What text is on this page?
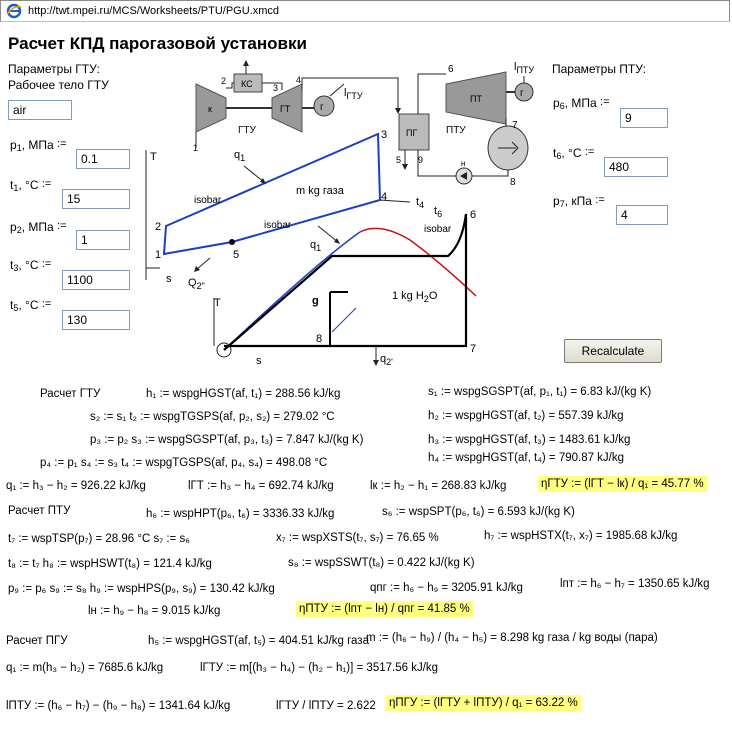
http://twt.mpei.ru/MCS/Worksheets/PTU/PGU.xmcd
Расчет КПД парогазовой установки
Параметры ГТУ:
Рабочее тело ГТУ
air
$p_1$, МПа :=
0.1
$t_1$, °C :=
15
$p_2$, МПа :=
1
$t_3$, °C :=
1100
$t_5$, °C :=
130
Параметры ПТУ:
$p_6$, МПа :=
9
$t_6$, °C :=
480
$p_7$, кПа :=
4
Recalculate
к
КС
ГТ	г
ГТУ
2
3
4
1
$l_{ГТУ}$
ПГ
5 9
6
ПТ	г
ПТУ
$l_{ПТУ}$
7
8
н
T
s
1
2
3
4
5
$q_1$
isobar
m kg газа
isobar
$Q_{2"}$
$t_4$ $t_6$
$q_1$
T
s
g	1 kg $H_2O$
isobar
6
7
8
$q_{2'}$
Расчет ГТУ	h₁ := wspgHGST(af, t₁) = 288.56 kJ/kg	s₁ := wspgSGSPT(af, p₁, t₁) = 6.83 kJ/(kg K)
s₂ := s₁ t₂ := wspgTGSPS(af, p₂, s₂) = 279.02 °C	h₂ := wspgHGST(af, t₂) = 557.39 kJ/kg
p₃ := p₂ s₃ := wspgSGSPT(af, p₃, t₃) = 7.847 kJ/(kg K)	h₃ := wspgHGST(af, t₃) = 1483.61 kJ/kg
p₄ := p₁ s₄ := s₃ t₄ := wspgTGSPS(af, p₄, s₄) = 498.08 °C	h₄ := wspgHGST(af, t₄) = 790.87 kJ/kg
q₁ := h₃ − h₂ = 926.22 kJ/kg	lГТ := h₃ − h₄ = 692.74 kJ/kg	lк := h₂ − h₁ = 268.83 kJ/kg	ηГТУ := (lГТ − lк) / q₁ = 45.77 %
Расчет ПТУ	h₆ := wspHPT(p₆, t₆) = 3336.33 kJ/kg	s₆ := wspSPT(p₆, t₆) = 6.593 kJ/(kg K)
t₇ := wspTSP(p₇) = 28.96 °C s₇ := s₆	x₇ := wspXSTS(t₇, s₇) = 76.65 %	h₇ := wspHSTX(t₇, x₇) = 1985.68 kJ/kg
t₈ := t₇ h₈ := wspHSWT(t₈) = 121.4 kJ/kg	s₈ := wspSSWT(t₈) = 0.422 kJ/(kg K)
p₉ := p₆ s₉ := s₈ h₉ := wspHPS(p₉, s₉) = 130.42 kJ/kg	qпг := h₆ − h₉ = 3205.91 kJ/kg	lпт := h₆ − h₇ = 1350.65 kJ/kg
lн := h₉ − h₈ = 9.015 kJ/kg	ηПТУ := (lпт − lн) / qпг = 41.85 %
Расчет ПГУ	h₅ := wspgHGST(af, t₅) = 404.51 kJ/kg газа
m := (h₆ − h₉) / (h₄ − h₅) = 8.298 kg газа / kg воды (пара)
q₁ := m(h₃ − h₂) = 7685.6 kJ/kg	lГТУ := m[(h₃ − h₄) − (h₂ − h₁)] = 3517.56 kJ/kg
lПТУ := (h₆ − h₇) − (h₉ − h₈) = 1341.64 kJ/kg	lГТУ / lПТУ = 2.622 ηПГУ := (lГТУ + lПТУ) / q₁ = 63.22 %
